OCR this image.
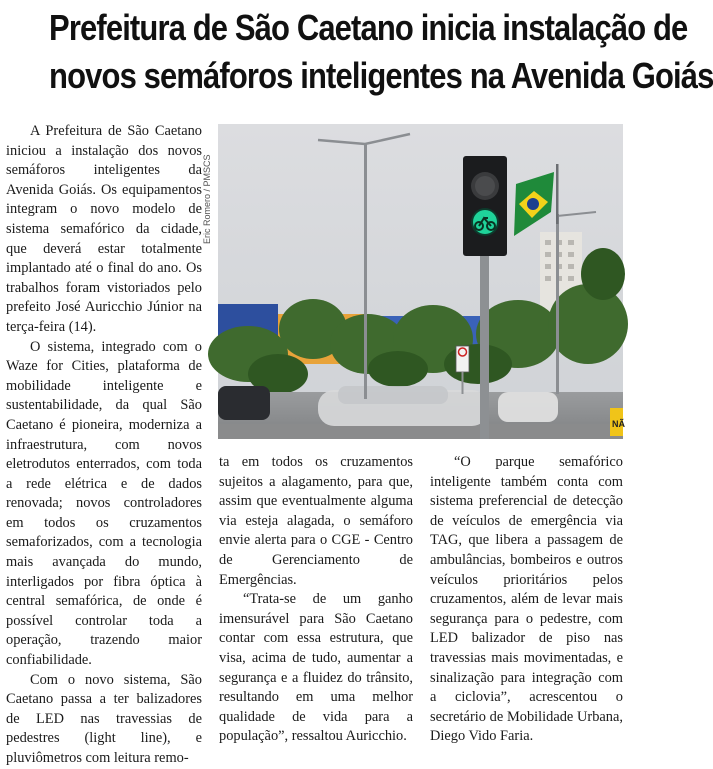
Prefeitura de São Caetano inicia instalação de
novos semáforos inteligentes na Avenida Goiás

A Prefeitura de São Caetano iniciou a instalação dos novos semáforos inteligentes da Avenida Goiás. Os equipamentos integram o novo modelo de sistema semafórico da cidade, que deverá estar totalmente implantado até o final do ano. Os trabalhos foram vistoriados pelo prefeito José Auricchio Júnior na terça-feira (14).

O sistema, integrado com o Waze for Cities, plataforma de mobilidade inteligente e sustentabilidade, da qual São Caetano é pioneira, moderniza a infraestrutura, com novos eletrodutos enterrados, com toda a rede elétrica e de dados renovada; novos controladores em todos os cruzamentos semaforizados, com a tecnologia mais avançada do mundo, interligados por fibra óptica à central semafórica, de onde é possível controlar toda a operação, trazendo maior confiabilidade.

Com o novo sistema, São Caetano passa a ter balizadores de LED nas travessias de pedestres (light line), e pluviômetros com leitura remo-

Eric Romero / PMSCS
NÃ

ta em todos os cruzamentos sujeitos a alagamento, para que, assim que eventualmente alguma via esteja alagada, o semáforo envie alerta para o CGE - Centro de Gerenciamento de Emergências.

“Trata-se de um ganho imensurável para São Caetano contar com essa estrutura, que visa, acima de tudo, aumentar a segurança e a fluidez do trânsito, resultando em uma melhor qualidade de vida para a população”, ressaltou Auricchio.

“O parque semafórico inteligente também conta com sistema preferencial de detecção de veículos de emergência via TAG, que libera a passagem de ambulâncias, bombeiros e outros veículos prioritários pelos cruzamentos, além de levar mais segurança para o pedestre, com LED balizador de piso nas travessias mais movimentadas, e sinalização para integração com a ciclovia”, acrescentou o secretário de Mobilidade Urbana, Diego Vido Faria.
